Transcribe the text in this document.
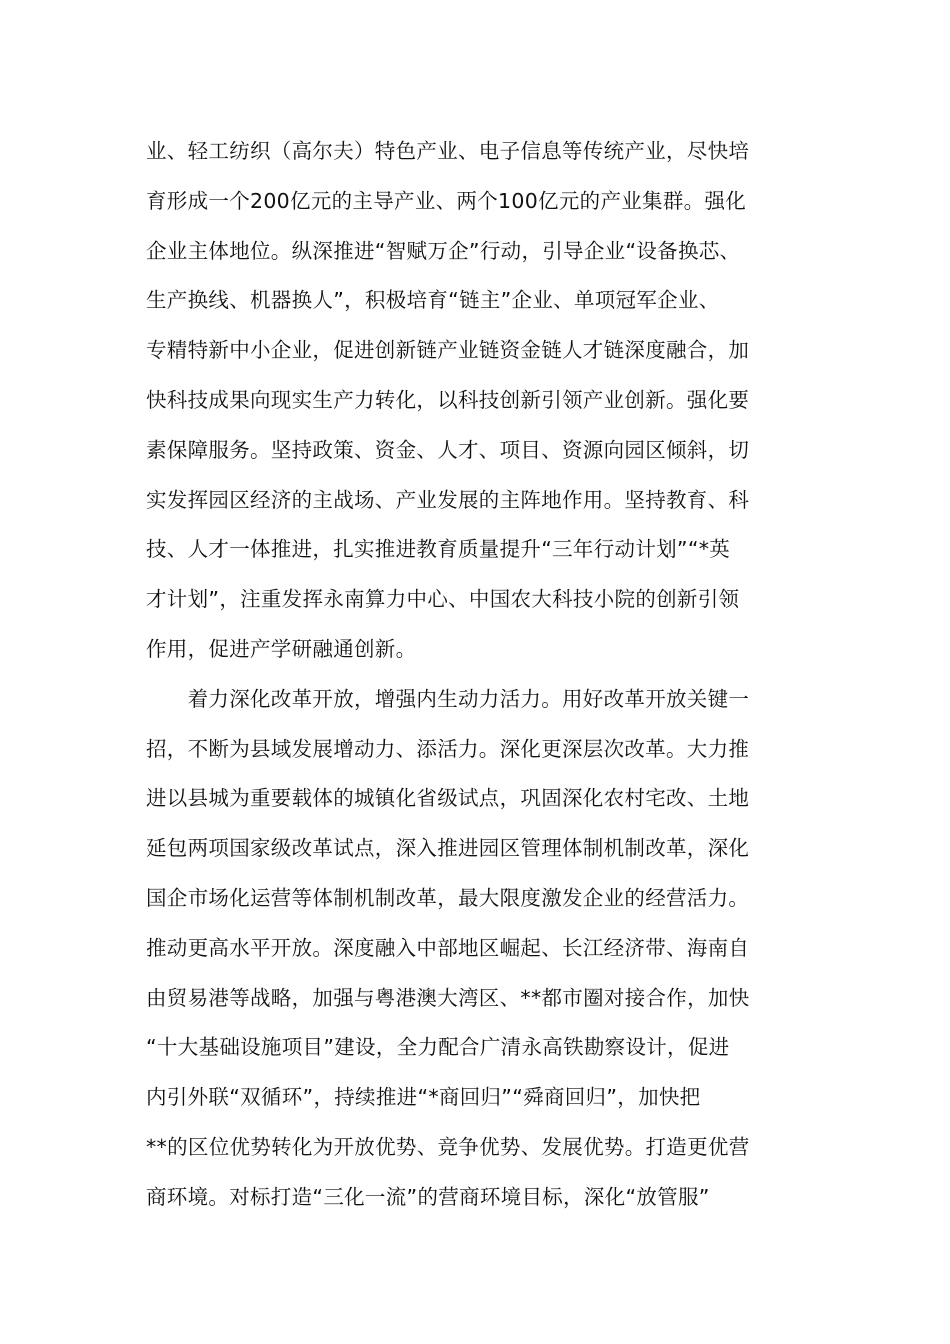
业、轻工纺织（高尔夫）特色产业、电子信息等传统产业，尽快培
育形成一个200亿元的主导产业、两个100亿元的产业集群。强化
企业主体地位。纵深推进“智赋万企”行动，引导企业“设备换芯、
生产换线、机器换人”，积极培育“链主”企业、单项冠军企业、
专精特新中小企业，促进创新链产业链资金链人才链深度融合，加
快科技成果向现实生产力转化，以科技创新引领产业创新。强化要
素保障服务。坚持政策、资金、人才、项目、资源向园区倾斜，切
实发挥园区经济的主战场、产业发展的主阵地作用。坚持教育、科
技、人才一体推进，扎实推进教育质量提升“三年行动计划”“*英
才计划”，注重发挥永南算力中心、中国农大科技小院的创新引领
作用，促进产学研融通创新。
　　着力深化改革开放，增强内生动力活力。用好改革开放关键一
招，不断为县域发展增动力、添活力。深化更深层次改革。大力推
进以县城为重要载体的城镇化省级试点，巩固深化农村宅改、土地
延包两项国家级改革试点，深入推进园区管理体制机制改革，深化
国企市场化运营等体制机制改革，最大限度激发企业的经营活力。
推动更高水平开放。深度融入中部地区崛起、长江经济带、海南自
由贸易港等战略，加强与粤港澳大湾区、**都市圈对接合作，加快
“十大基础设施项目”建设，全力配合广清永高铁勘察设计，促进
内引外联“双循环”，持续推进“*商回归”“舜商回归”，加快把
**的区位优势转化为开放优势、竞争优势、发展优势。打造更优营
商环境。对标打造“三化一流”的营商环境目标，深化“放管服”
